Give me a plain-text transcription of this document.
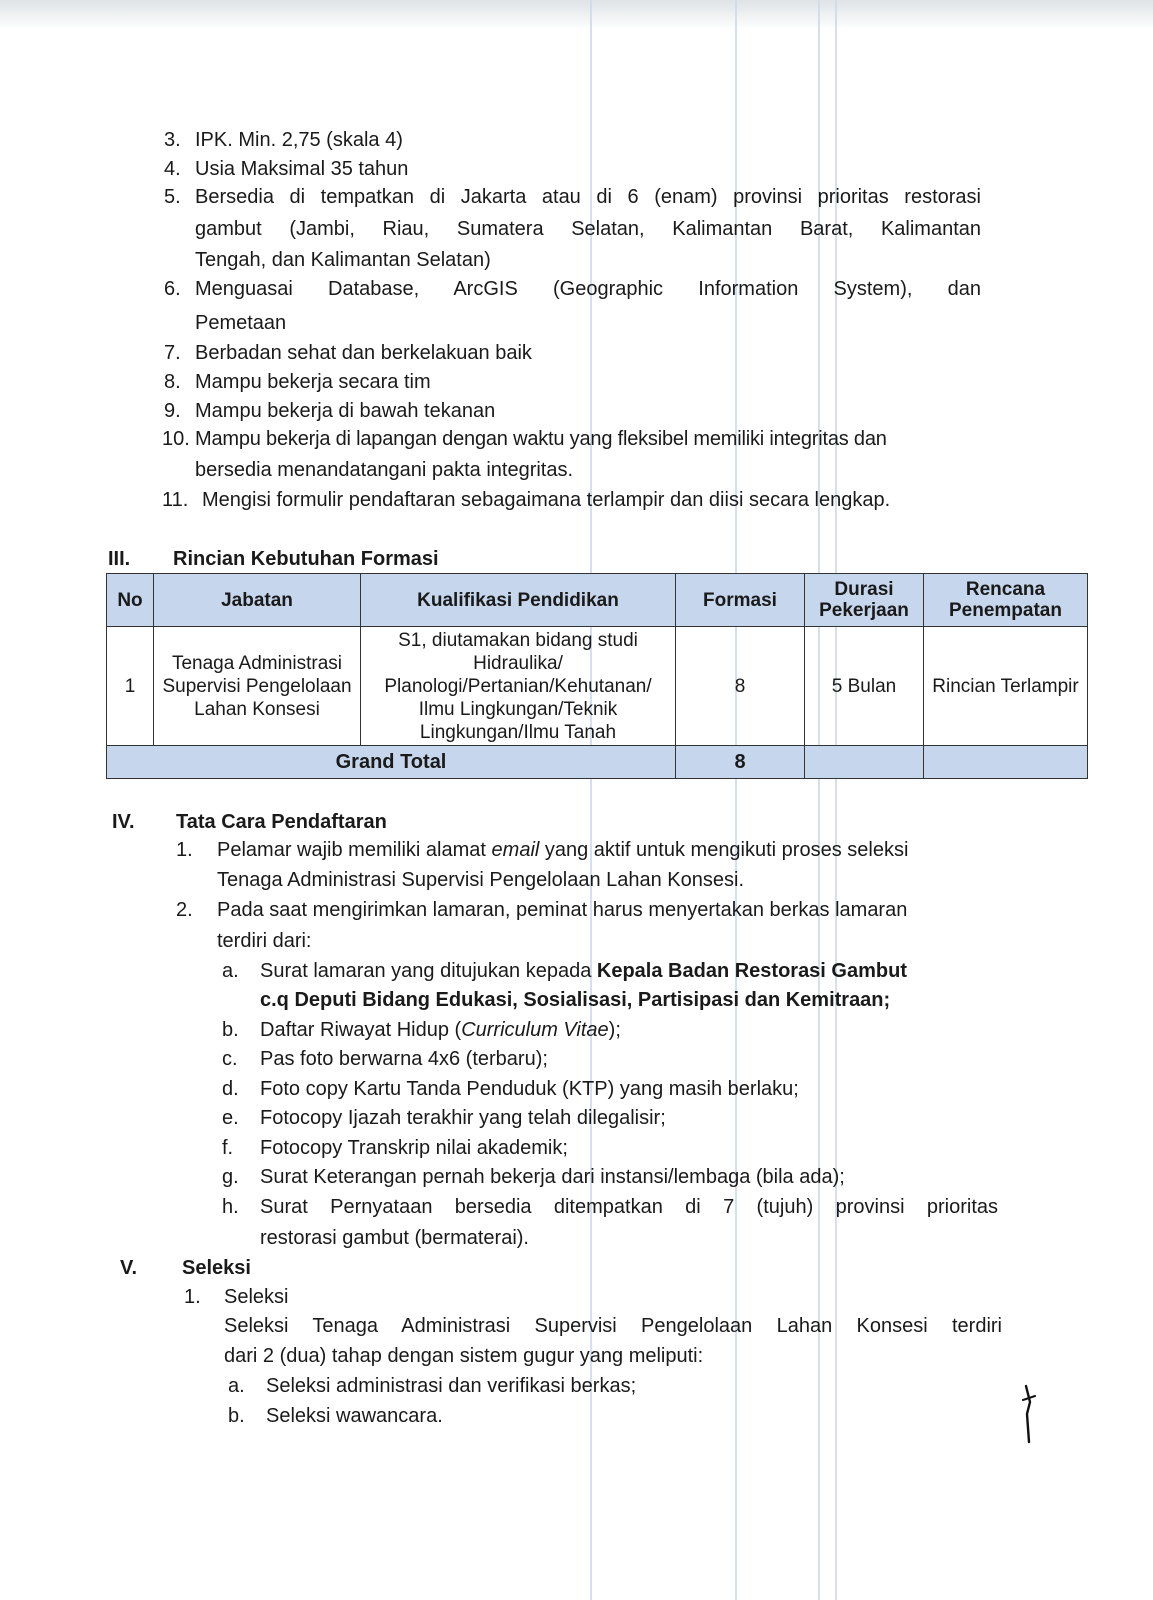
3. IPK. Min. 2,75 (skala 4)
4. Usia Maksimal 35 tahun
5. Bersedia di tempatkan di Jakarta atau di 6 (enam) provinsi prioritas restorasi
gambut (Jambi, Riau, Sumatera Selatan, Kalimantan Barat, Kalimantan
Tengah, dan Kalimantan Selatan)
6. Menguasai Database, ArcGIS (Geographic Information System), dan
Pemetaan
7. Berbadan sehat dan berkelakuan baik
8. Mampu bekerja secara tim
9. Mampu bekerja di bawah tekanan
10. Mampu bekerja di lapangan dengan waktu yang fleksibel memiliki integritas dan
bersedia menandatangani pakta integritas.
11. Mengisi formulir pendaftaran sebagaimana terlampir dan diisi secara lengkap.
III. Rincian Kebutuhan Formasi
No	Jabatan	Kualifikasi Pendidikan	Formasi	Durasi Pekerjaan	Rencana Penempatan
1	Tenaga Administrasi Supervisi Pengelolaan Lahan Konsesi	S1, diutamakan bidang studi Hidraulika/ Planologi/Pertanian/Kehutanan/ Ilmu Lingkungan/Teknik Lingkungan/Ilmu Tanah	8	5 Bulan	Rincian Terlampir
Grand Total			8		
IV. Tata Cara Pendaftaran
1. Pelamar wajib memiliki alamat email yang aktif untuk mengikuti proses seleksi
Tenaga Administrasi Supervisi Pengelolaan Lahan Konsesi.
2. Pada saat mengirimkan lamaran, peminat harus menyertakan berkas lamaran
terdiri dari:
a. Surat lamaran yang ditujukan kepada Kepala Badan Restorasi Gambut
c.q Deputi Bidang Edukasi, Sosialisasi, Partisipasi dan Kemitraan;
b. Daftar Riwayat Hidup (Curriculum Vitae);
c. Pas foto berwarna 4x6 (terbaru);
d. Foto copy Kartu Tanda Penduduk (KTP) yang masih berlaku;
e. Fotocopy Ijazah terakhir yang telah dilegalisir;
f. Fotocopy Transkrip nilai akademik;
g. Surat Keterangan pernah bekerja dari instansi/lembaga (bila ada);
h. Surat Pernyataan bersedia ditempatkan di 7 (tujuh) provinsi prioritas
restorasi gambut (bermaterai).
V. Seleksi
1. Seleksi
Seleksi Tenaga Administrasi Supervisi Pengelolaan Lahan Konsesi terdiri
dari 2 (dua) tahap dengan sistem gugur yang meliputi:
a. Seleksi administrasi dan verifikasi berkas;
b. Seleksi wawancara.
